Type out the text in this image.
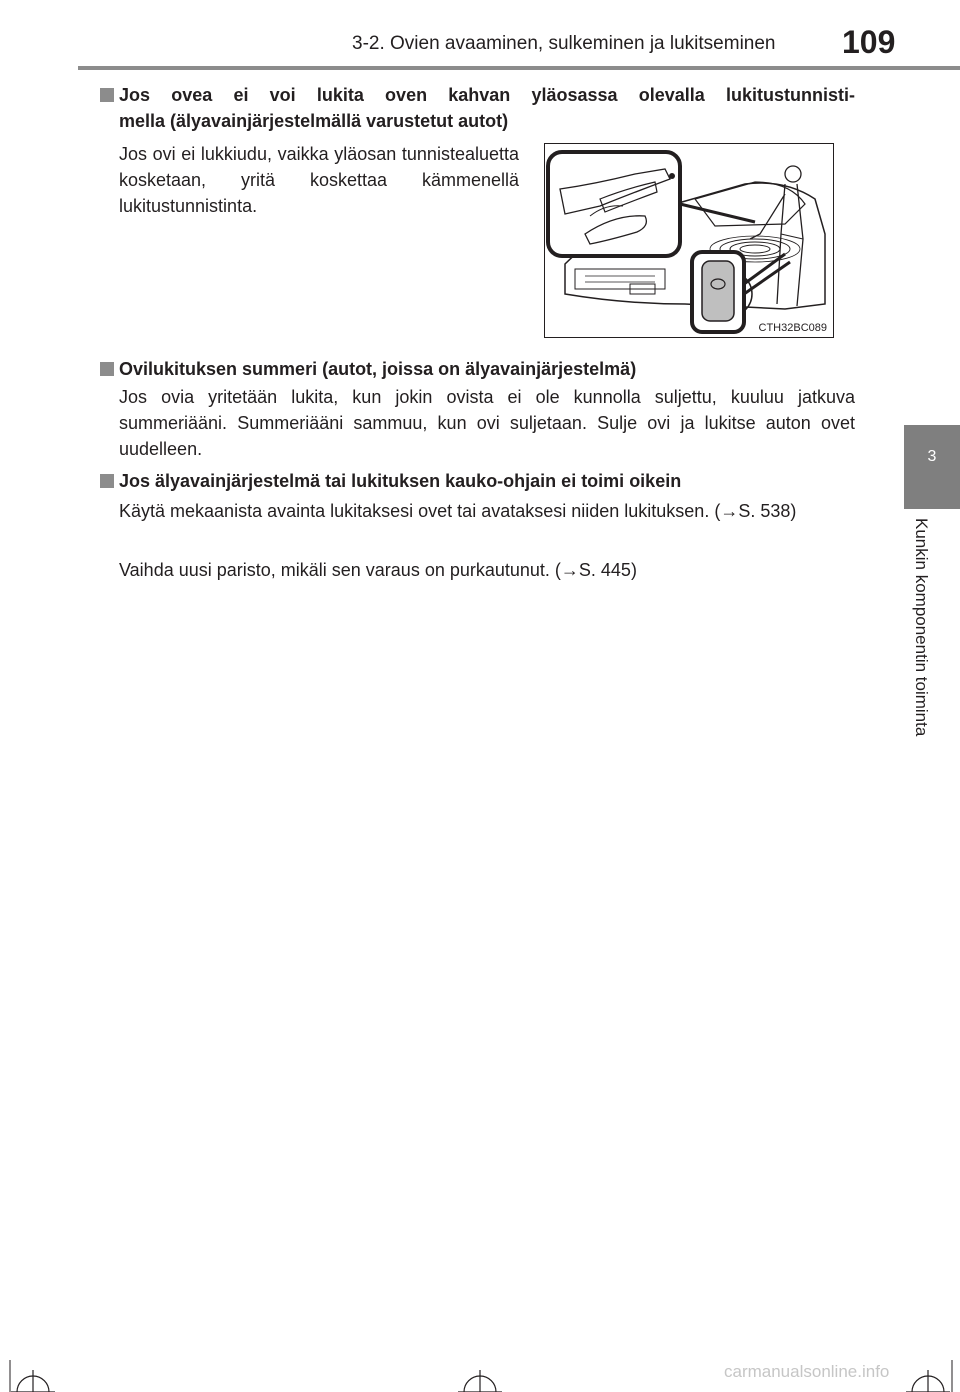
3-2. Ovien avaaminen, sulkeminen ja lukitseminen 109
3
Kunkin komponentin toiminta
Jos ovea ei voi lukita oven kahvan yläosassa olevalla lukitustunnisti-
mella (älyavainjärjestelmällä varustetut autot)
Jos ovi ei lukkiudu, vaikka yläosan tunnistealuetta kosketaan, yritä koskettaa kämmenellä lukitustunnistinta.
CTH32BC089
Ovilukituksen summeri (autot, joissa on älyavainjärjestelmä)
Jos ovia yritetään lukita, kun jokin ovista ei ole kunnolla suljettu, kuuluu jatkuva summeriääni. Summeriääni sammuu, kun ovi suljetaan. Sulje ovi ja lukitse auton ovet uudelleen.
Jos älyavainjärjestelmä tai lukituksen kauko-ohjain ei toimi oikein
Käytä mekaanista avainta lukitaksesi ovet tai avataksesi niiden lukituksen. (→S. 538)
Vaihda uusi paristo, mikäli sen varaus on purkautunut. (→S. 445)
carmanualsonline.info
